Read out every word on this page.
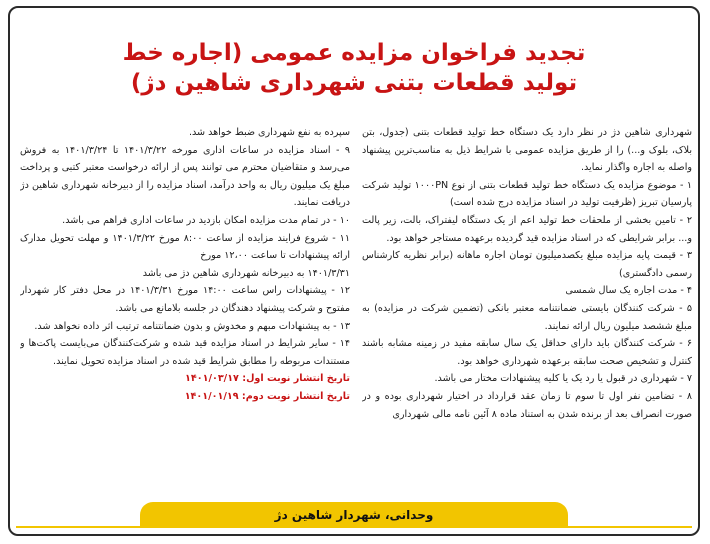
تجدید فراخوان مزایده عمومی (اجاره خط
تولید قطعات بتنی شهرداری شاهین دژ)

شهرداری شاهین دژ در نظر دارد یک دستگاه خط تولید قطعات بتنی (جدول، بتن بلاک، بلوک و...) را از طریق مزایده عمومی با شرایط ذیل به مناسب‌ترین پیشنهاد واصله به اجاره واگذار نماید.

۱ - موضوع مزایده یک دستگاه خط تولید قطعات بتنی از نوع ۱۰۰۰PN تولید شرکت پارسیان تبریز (ظرفیت تولید در اسناد مزایده درج شده است)

۲ - تامین بخشی از ملحقات خط تولید اعم از یک دستگاه لیفتراک، بالت، زیر پالت و... برابر شرایطی که در اسناد مزایده قید گردیده برعهده مستاجر خواهد بود.

۳ - قیمت پایه مزایده مبلغ یکصدمیلیون تومان اجاره ماهانه (برابر نظریه کارشناس رسمی دادگستری)

۴ - مدت اجاره یک سال شمسی

۵ - شرکت کنندگان بایستی ضمانتنامه معتبر بانکی (تضمین شرکت در مزایده) به مبلغ ششصد میلیون ریال ارائه نمایند.

۶ - شرکت کنندگان باید دارای حداقل یک سال سابقه مفید در زمینه مشابه باشند کنترل و تشخیص صحت سابقه برعهده شهرداری خواهد بود.

۷ - شهرداری در قبول یا رد یک یا کلیه پیشنهادات مختار می باشد.

۸ - تضامین نفر اول تا سوم تا زمان عقد قرارداد در اختیار شهرداری بوده و در صورت انصراف بعد از برنده شدن به استناد ماده ۸ آئین نامه مالی شهرداری

سپرده به نفع شهرداری ضبط خواهد شد.

۹ - اسناد مزایده در ساعات اداری مورخه ۱۴۰۱/۳/۲۲ تا ۱۴۰۱/۳/۲۴ به فروش می‌رسد و متقاضیان محترم می توانند پس از ارائه درخواست معتبر کتبی و پرداخت مبلغ یک میلیون ریال به واحد درآمد، اسناد مزایده را از دبیرخانه شهرداری شاهین دژ دریافت نمایند.

۱۰ - در تمام مدت مزایده امکان بازدید در ساعات اداری فراهم می باشد.

۱۱ - شروع فرایند مزایده از ساعت ۸:۰۰ مورخ ۱۴۰۱/۳/۲۲ و مهلت تحویل مدارک ارائه پیشنهادات تا ساعت ۱۲،۰۰ مورخ

۱۴۰۱/۳/۳۱ به دبیرخانه شهرداری شاهین دژ می باشد

۱۲ - پیشنهادات راس ساعت ۱۴:۰۰ مورخ ۱۴۰۱/۳/۳۱ در محل دفتر کار شهردار مفتوح و شرکت پیشنهاد دهندگان در جلسه بلامانع می باشد.

۱۳ - به پیشنهادات مبهم و مخدوش و بدون ضمانتنامه ترتیب اثر داده نخواهد شد.

۱۴ - سایر شرایط در اسناد مزایده قید شده و شرکت‌کنندگان می‌بایست پاکت‌ها و مستندات مربوطه را مطابق شرایط قید شده در اسناد مزایده تحویل نمایند.

تاریخ انتشار نوبت اول: ۱۴۰۱/۰۳/۱۷

تاریخ انتشار نوبت دوم: ۱۴۰۱/۰۱/۱۹

وحدانی، شهردار شاهین دژ
